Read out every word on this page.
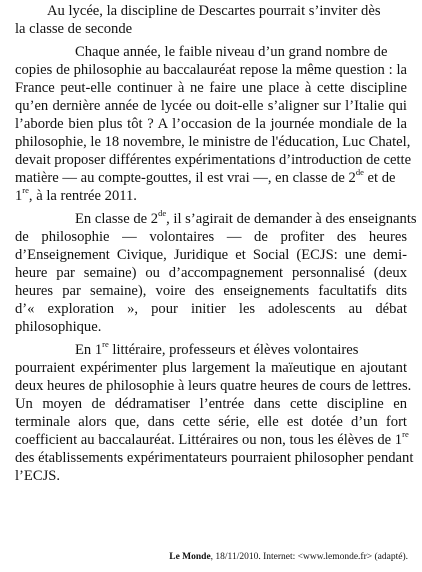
Au lycée, la discipline de Descartes pourrait s’inviter dès
la classe de seconde
Chaque année, le faible niveau d’un grand nombre de
copies de philosophie au baccalauréat repose la même question : la
France peut-elle continuer à ne faire une place à cette discipline
qu’en dernière année de lycée ou doit-elle s’aligner sur l’Italie qui
l’aborde bien plus tôt ? A l’occasion de la journée mondiale de la
philosophie, le 18 novembre, le ministre de l'éducation, Luc Chatel,
devait proposer différentes expérimentations d’introduction de cette
matière — au compte-gouttes, il est vrai —, en classe de 2de et de
1re, à la rentrée 2011.
En classe de 2de, il s’agirait de demander à des enseignants
de philosophie — volontaires — de profiter des heures
d’Enseignement Civique, Juridique et Social (ECJS: une demi-
heure par semaine) ou d’accompagnement personnalisé (deux
heures par semaine), voire des enseignements facultatifs dits
d’« exploration », pour initier les adolescents au débat
philosophique.
En 1re littéraire, professeurs et élèves volontaires
pourraient expérimenter plus largement la maïeutique en ajoutant
deux heures de philosophie à leurs quatre heures de cours de lettres.
Un moyen de dédramatiser l’entrée dans cette discipline en
terminale alors que, dans cette série, elle est dotée d’un fort
coefficient au baccalauréat. Littéraires ou non, tous les élèves de 1re
des établissements expérimentateurs pourraient philosopher pendant
l’ECJS.
Le Monde, 18/11/2010. Internet: <www.lemonde.fr> (adapté).
